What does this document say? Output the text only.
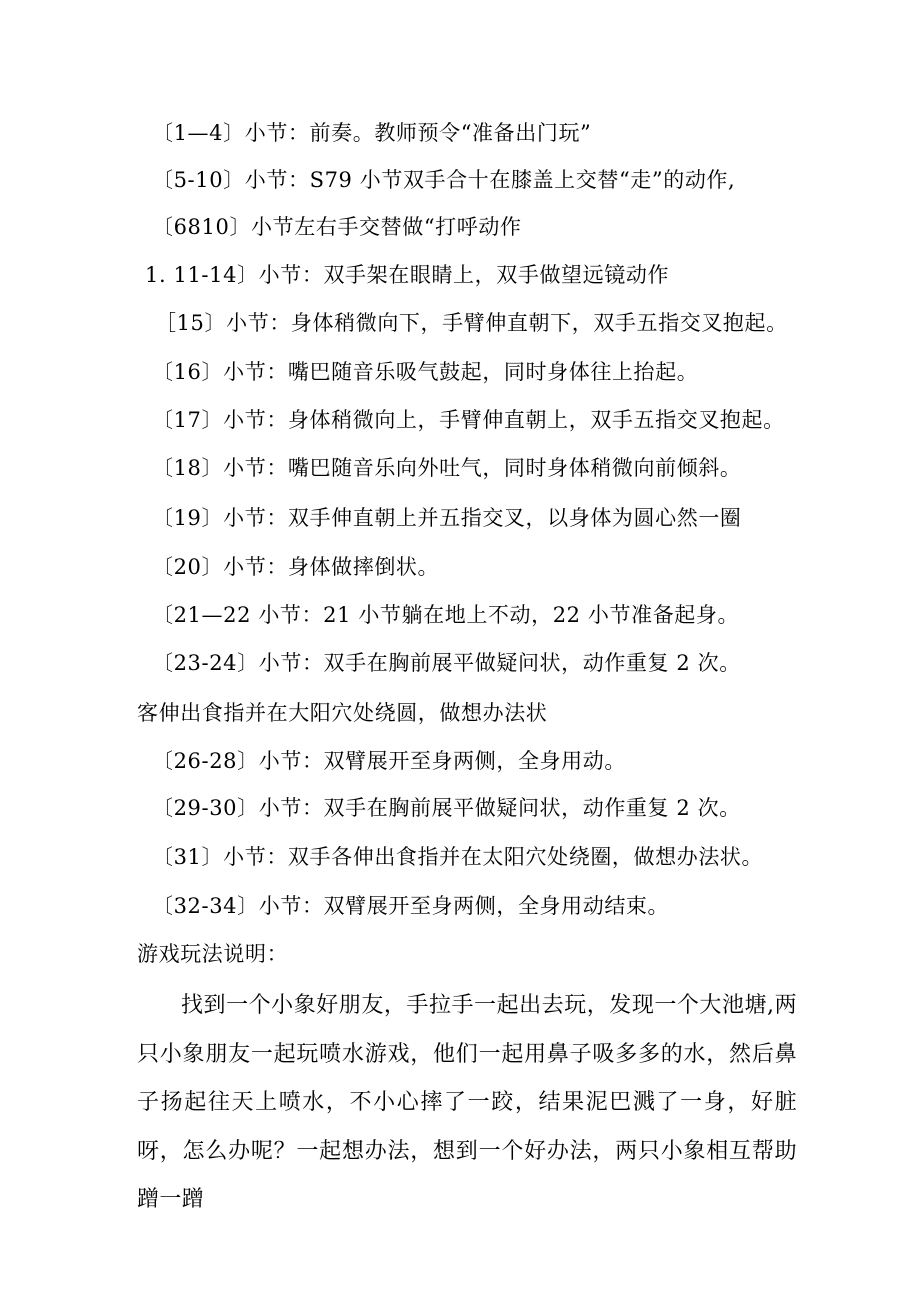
〔1—4〕小节：前奏。教师预令“准备出门玩”
〔5-10〕小节：S79 小节双手合十在膝盖上交替“走”的动作,
〔6810〕小节左右手交替做“打呼动作
1. 11-14〕小节：双手架在眼睛上，双手做望远镜动作
［15〕小节：身体稍微向下，手臂伸直朝下，双手五指交叉抱起。
〔16〕小节：嘴巴随音乐吸气鼓起，同时身体往上抬起。
〔17〕小节：身体稍微向上，手臂伸直朝上，双手五指交叉抱起。
〔18〕小节：嘴巴随音乐向外吐气，同时身体稍微向前倾斜。
〔19〕小节：双手伸直朝上并五指交叉，以身体为圆心然一圈
〔20〕小节：身体做摔倒状。
〔21—22 小节：21 小节躺在地上不动，22 小节准备起身。
〔23-24〕小节：双手在胸前展平做疑问状，动作重复 2 次。
客伸出食指并在大阳穴处绕圆，做想办法状
〔26-28〕小节：双臂展开至身两侧，全身用动。
〔29-30〕小节：双手在胸前展平做疑问状，动作重复 2 次。
〔31〕小节：双手各伸出食指并在太阳穴处绕圈，做想办法状。
〔32-34〕小节：双臂展开至身两侧，全身用动结束。
游戏玩法说明：
找到一个小象好朋友，手拉手一起出去玩，发现一个大池塘,两只小象朋友一起玩喷水游戏，他们一起用鼻子吸多多的水，然后鼻子扬起往天上喷水，不小心摔了一跤，结果泥巴溅了一身，好脏呀，怎么办呢？一起想办法，想到一个好办法，两只小象相互帮助蹭一蹭
